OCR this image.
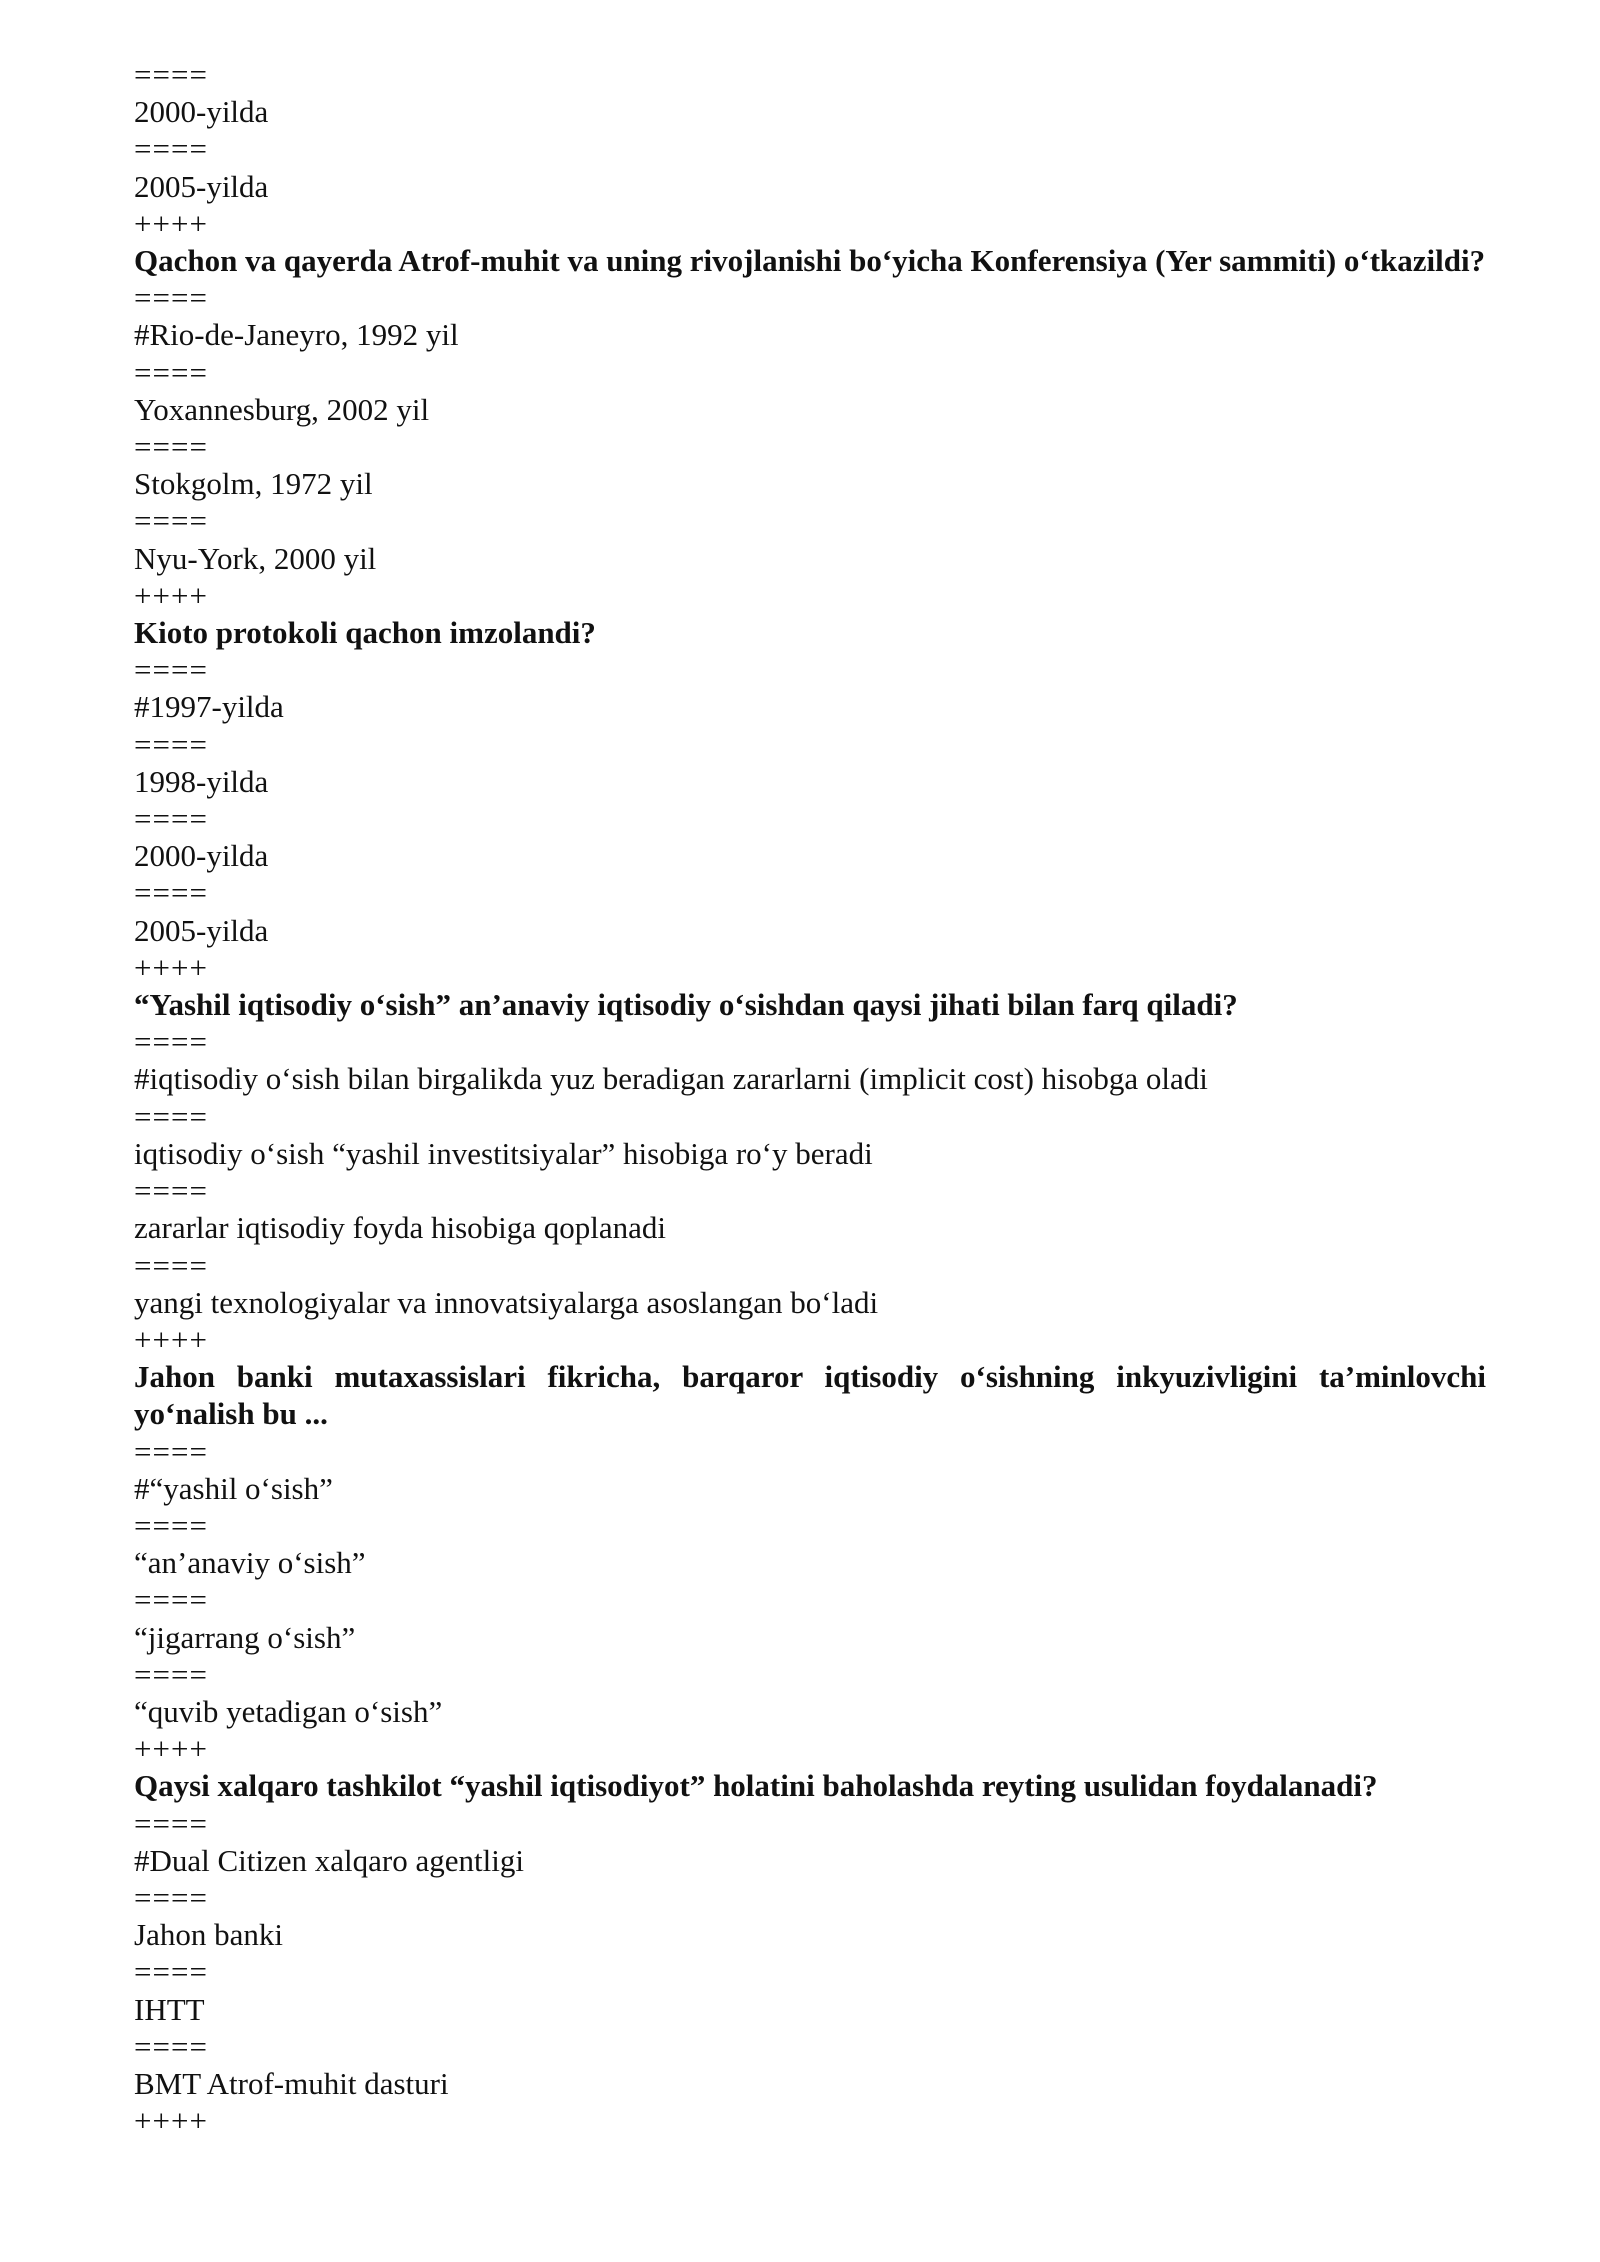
====
2000-yilda
====
2005-yilda
++++
Qachon va qayerda Atrof-muhit va uning rivojlanishi bo‘yicha Konferensiya (Yer sammiti) o‘tkazildi?
====
#Rio-de-Janeyro, 1992 yil
====
Yoxannesburg, 2002 yil
====
Stokgolm, 1972 yil
====
Nyu-York, 2000 yil
++++
Kioto protokoli qachon imzolandi?
====
#1997-yilda
====
1998-yilda
====
2000-yilda
====
2005-yilda
++++
“Yashil iqtisodiy o‘sish” an’anaviy iqtisodiy o‘sishdan qaysi jihati bilan farq qiladi?
====
#iqtisodiy o‘sish bilan birgalikda yuz beradigan zararlarni (implicit cost) hisobga oladi
====
iqtisodiy o‘sish “yashil investitsiyalar” hisobiga ro‘y beradi
====
zararlar iqtisodiy foyda hisobiga qoplanadi
====
yangi texnologiyalar va innovatsiyalarga asoslangan bo‘ladi
++++
Jahon banki mutaxassislari fikricha, barqaror iqtisodiy o‘sishning inkyuzivligini ta’minlovchi yo‘nalish bu ...
====
#“yashil o‘sish”
====
“an’anaviy o‘sish”
====
“jigarrang o‘sish”
====
“quvib yetadigan o‘sish”
++++
Qaysi xalqaro tashkilot “yashil iqtisodiyot” holatini baholashda reyting usulidan foydalanadi?
====
#Dual Citizen xalqaro agentligi
====
Jahon banki
====
IHTT
====
BMT Atrof-muhit dasturi
++++
